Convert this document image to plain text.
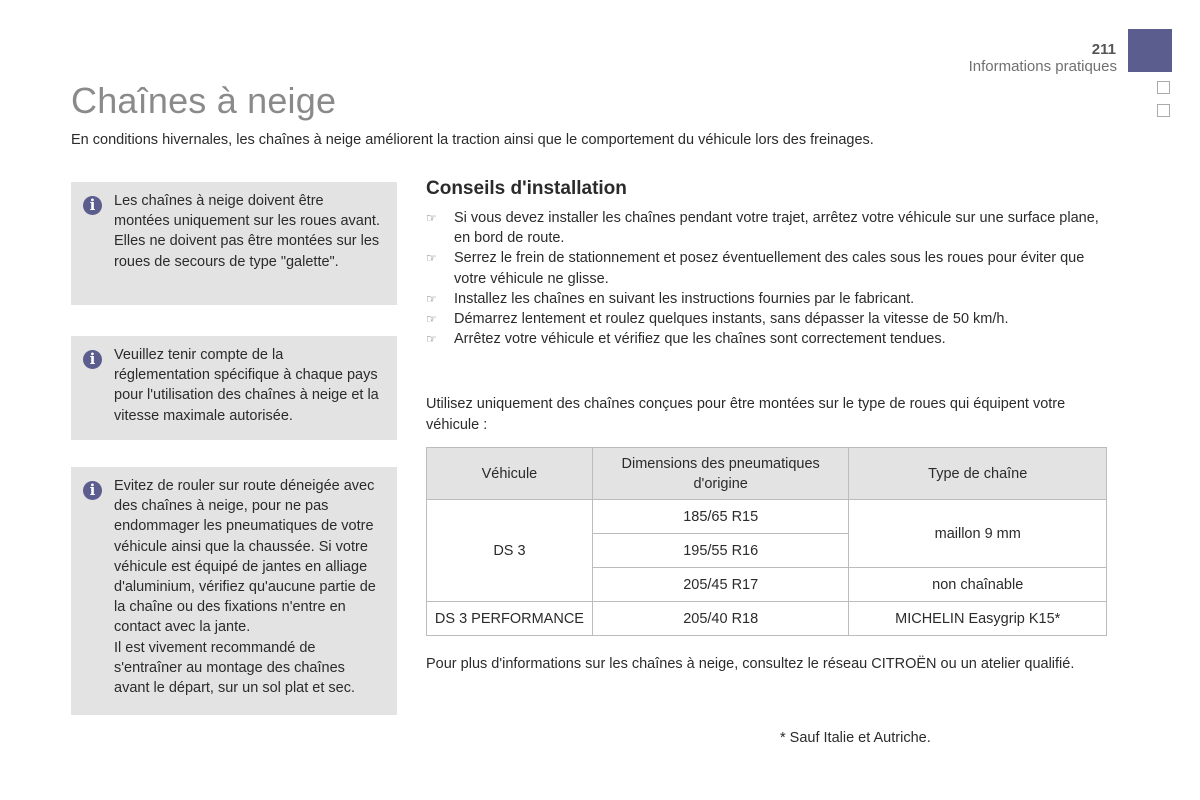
211
Informations pratiques
Chaînes à neige

En conditions hivernales, les chaînes à neige améliorent la traction ainsi que le comportement du véhicule lors des freinages.

i	Les chaînes à neige doivent être montées uniquement sur les roues avant. Elles ne doivent pas être montées sur les roues de secours de type "galette".

i	Veuillez tenir compte de la réglementation spécifique à chaque pays pour l'utilisation des chaînes à neige et la vitesse maximale autorisée.

i	Evitez de rouler sur route déneigée avec des chaînes à neige, pour ne pas endommager les pneumatiques de votre véhicule ainsi que la chaussée. Si votre véhicule est équipé de jantes en alliage d'aluminium, vérifiez qu'aucune partie de la chaîne ou des fixations n'entre en contact avec la jante.

Il est vivement recommandé de s'entraîner au montage des chaînes avant le départ, sur un sol plat et sec.

Conseils d'installation
☞ Si vous devez installer les chaînes pendant votre trajet, arrêtez votre véhicule sur une surface plane, en bord de route.
☞ Serrez le frein de stationnement et posez éventuellement des cales sous les roues pour éviter que votre véhicule ne glisse.
☞ Installez les chaînes en suivant les instructions fournies par le fabricant.
☞ Démarrez lentement et roulez quelques instants, sans dépasser la vitesse de 50 km/h.
☞ Arrêtez votre véhicule et vérifiez que les chaînes sont correctement tendues.

Utilisez uniquement des chaînes conçues pour être montées sur le type de roues qui équipent votre véhicule :

Véhicule	Dimensions des pneumatiques d'origine	Type de chaîne
DS 3	185/65 R15	maillon 9 mm
	195/55 R16	
	205/45 R17	non chaînable
DS 3 PERFORMANCE	205/40 R18	MICHELIN Easygrip K15*

Pour plus d'informations sur les chaînes à neige, consultez le réseau CITROËN ou un atelier qualifié.

* Sauf Italie et Autriche.
